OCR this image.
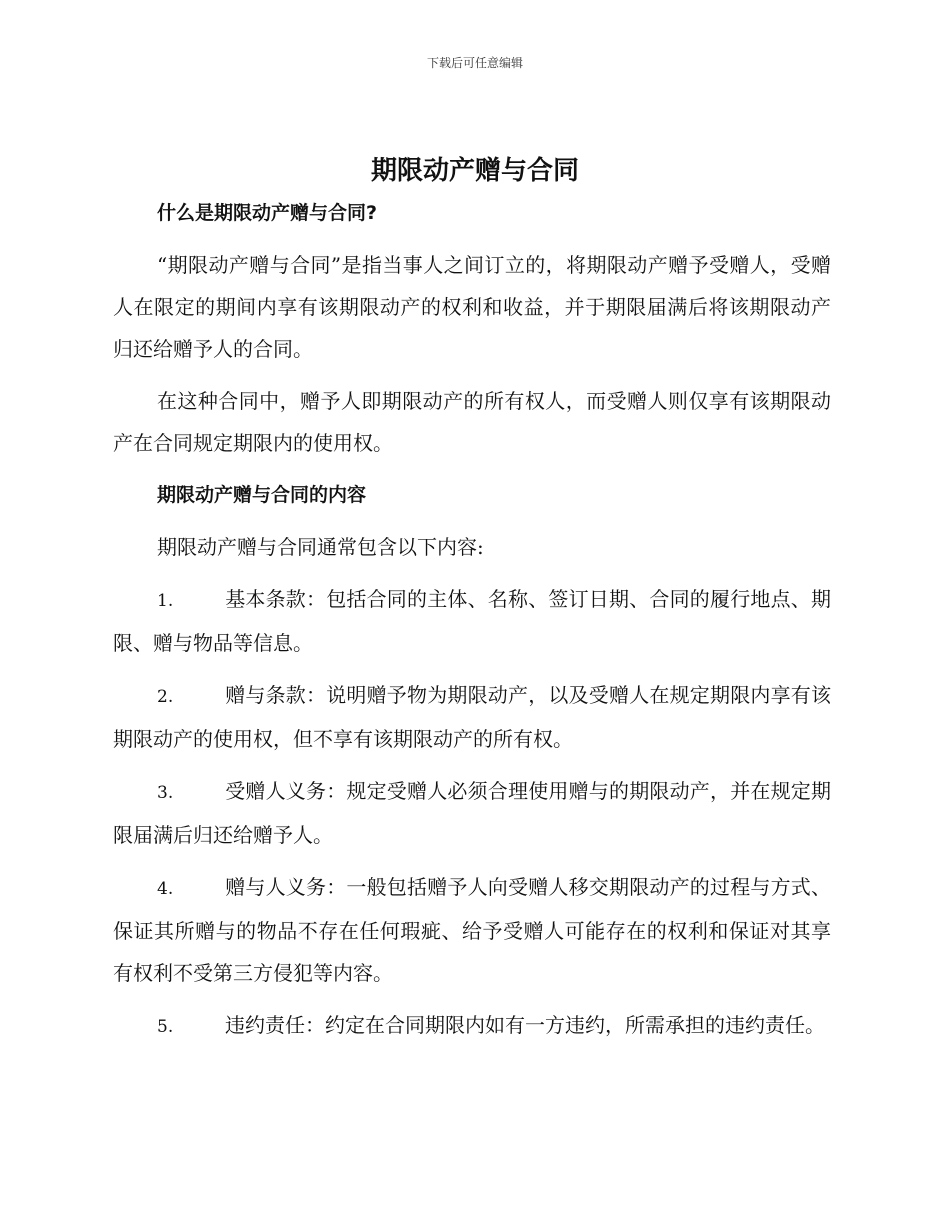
下载后可任意编辑
期限动产赠与合同

什么是期限动产赠与合同?

“期限动产赠与合同”是指当事人之间订立的，将期限动产赠予受赠人，受赠人在限定的期间内享有该期限动产的权利和收益，并于期限届满后将该期限动产归还给赠予人的合同。

在这种合同中，赠予人即期限动产的所有权人，而受赠人则仅享有该期限动产在合同规定期限内的使用权。

期限动产赠与合同的内容

期限动产赠与合同通常包含以下内容:

1.	基本条款：包括合同的主体、名称、签订日期、合同的履行地点、期限、赠与物品等信息。

2.	赠与条款：说明赠予物为期限动产，以及受赠人在规定期限内享有该期限动产的使用权，但不享有该期限动产的所有权。

3.	受赠人义务：规定受赠人必须合理使用赠与的期限动产，并在规定期限届满后归还给赠予人。

4.	赠与人义务：一般包括赠予人向受赠人移交期限动产的过程与方式、保证其所赠与的物品不存在任何瑕疵、给予受赠人可能存在的权利和保证对其享有权利不受第三方侵犯等内容。

5.	违约责任：约定在合同期限内如有一方违约，所需承担的违约责任。
